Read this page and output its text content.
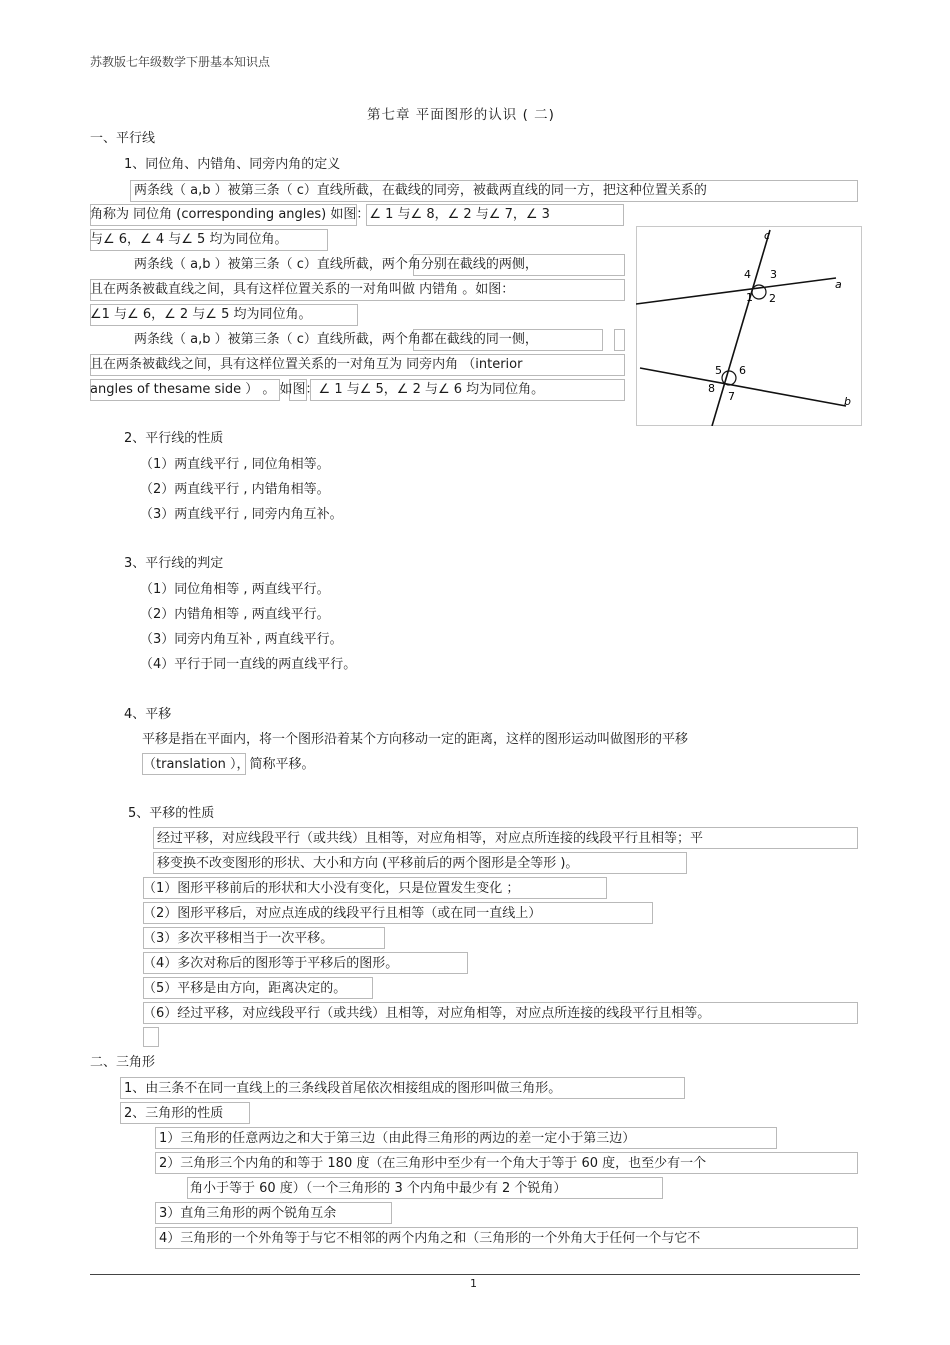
苏教版七年级数学下册基本知识点
第七章 平面图形的认识 ( 二)
一、平行线
1、同位角、内错角、同旁内角的定义
两条线（ a,b ）被第三条（ c）直线所截，在截线的同旁，被截两直线的同一方，把这种位置关系的
角称为 同位角 (corresponding angles) 如图：∠ 1 与∠ 8，∠ 2 与∠ 7，∠ 3
与∠ 6，∠ 4 与∠ 5 均为同位角。
两条线（ a,b ）被第三条（ c）直线所截，两个角分别在截线的两侧，
且在两条被截直线之间，具有这样位置关系的一对角叫做 内错角 。如图：
∠1 与∠ 6，∠ 2 与∠ 5 均为同位角。
两条线（ a,b ）被第三条（ c）直线所截，两个角都在截线的同一侧，
且在两条被截线之间，具有这样位置关系的一对角互为 同旁内角 （interior
angles of thesame side ） 。 如图：∠ 1 与∠ 5，∠ 2 与∠ 6 均为同位角。
c
a
b
4 3
1 2
5 6
8
7
2、平行线的性质
（1）两直线平行 , 同位角相等。
（2）两直线平行 , 内错角相等。
（3）两直线平行 , 同旁内角互补。
3、平行线的判定
（1）同位角相等 , 两直线平行。
（2）内错角相等 , 两直线平行。
（3）同旁内角互补 , 两直线平行。
（4）平行于同一直线的两直线平行。
4、平移
平移是指在平面内，将一个图形沿着某个方向移动一定的距离，这样的图形运动叫做图形的平移
（translation ），简称平移。
5、平移的性质
经过平移，对应线段平行（或共线）且相等，对应角相等，对应点所连接的线段平行且相等；平
移变换不改变图形的形状、大小和方向 (平移前后的两个图形是全等形 )。
（1）图形平移前后的形状和大小没有变化，只是位置发生变化 ；
（2）图形平移后，对应点连成的线段平行且相等（或在同一直线上）
（3）多次平移相当于一次平移。
（4）多次对称后的图形等于平移后的图形。
（5）平移是由方向，距离决定的。
（6）经过平移，对应线段平行（或共线）且相等，对应角相等，对应点所连接的线段平行且相等。
二、三角形
1、由三条不在同一直线上的三条线段首尾依次相接组成的图形叫做三角形。
2、三角形的性质
1）三角形的任意两边之和大于第三边（由此得三角形的两边的差一定小于第三边）
2）三角形三个内角的和等于 180 度（在三角形中至少有一个角大于等于 60 度，也至少有一个
角小于等于 60 度）（一个三角形的 3 个内角中最少有 2 个锐角）
3）直角三角形的两个锐角互余
4）三角形的一个外角等于与它不相邻的两个内角之和（三角形的一个外角大于任何一个与它不
1
